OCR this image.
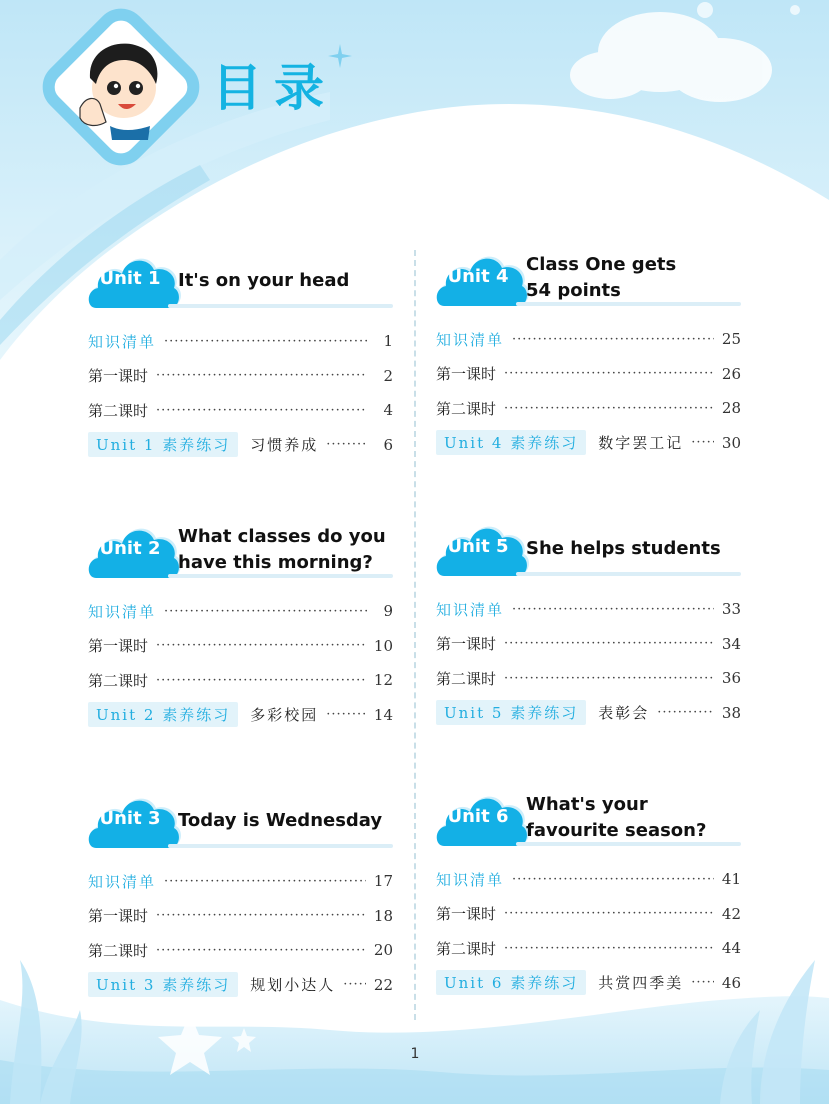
目录
Unit 1 It's on your head
知识清单 ·····	1
第一课时 ·····	2
第二课时 ·····	4
Unit 1 素养练习	习惯养成 ·····	6
Unit 2
What classes do you
have this morning?
知识清单 ·····	9
第一课时 ·····	10
第二课时 ·····	12
Unit 2 素养练习	多彩校园 ·····	14
Unit 3 Today is Wednesday
知识清单 ·····	17
第一课时 ·····	18
第二课时 ·····	20
Unit 3 素养练习	规划小达人 ·····	22
Unit 4
Class One gets
54 points
知识清单 ·····	25
第一课时 ·····	26
第二课时 ·····	28
Unit 4 素养练习	数字罢工记 ·····	30
Unit 5 She helps students
知识清单 ·····	33
第一课时 ·····	34
第二课时 ·····	36
Unit 5 素养练习	表彰会 ·····	38
Unit 6
What's your
favourite season?
知识清单 ·····	41
第一课时 ·····	42
第二课时 ·····	44
Unit 6 素养练习	共赏四季美 ·····	46
1
